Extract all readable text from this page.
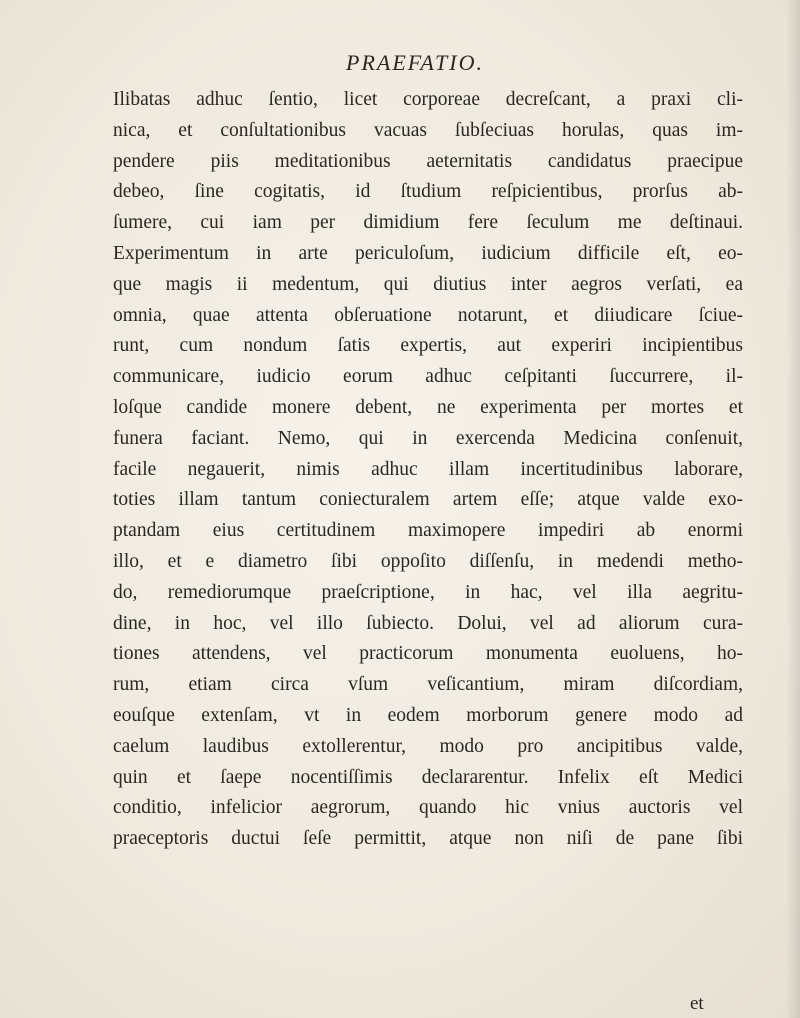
PRAEFATIO.
Ilibatas adhuc ſentio, licet corporeae decreſcant, a praxi cli-
nica, et conſultationibus vacuas ſubſeciuas horulas, quas im-
pendere piis meditationibus aeternitatis candidatus praecipue
debeo, ſine cogitatis, id ſtudium reſpicientibus, prorſus ab-
ſumere, cui iam per dimidium fere ſeculum me deſtinaui.
Experimentum in arte periculoſum, iudicium difficile eſt, eo-
que magis ii medentum, qui diutius inter aegros verſati, ea
omnia, quae attenta obſeruatione notarunt, et diiudicare ſciue-
runt, cum nondum ſatis expertis, aut experiri incipientibus
communicare, iudicio eorum adhuc ceſpitanti ſuccurrere, il-
loſque candide monere debent, ne experimenta per mortes et
funera faciant. Nemo, qui in exercenda Medicina conſenuit,
facile negauerit, nimis adhuc illam incertitudinibus laborare,
toties illam tantum coniecturalem artem eſſe; atque valde exo-
ptandam eius certitudinem maximopere impediri ab enormi
illo, et e diametro ſibi oppoſito diſſenſu, in medendi metho-
do, remediorumque praeſcriptione, in hac, vel illa aegritu-
dine, in hoc, vel illo ſubiecto. Dolui, vel ad aliorum cura-
tiones attendens, vel practicorum monumenta euoluens, ho-
rum, etiam circa vſum veſicantium, miram diſcordiam,
eouſque extenſam, vt in eodem morborum genere modo ad
caelum laudibus extollerentur, modo pro ancipitibus valde,
quin et ſaepe nocentiſſimis declararentur. Infelix eſt Medici
conditio, infelicior aegrorum, quando hic vnius auctoris vel
praeceptoris ductui ſeſe permittit, atque non niſi de pane ſibi
et
